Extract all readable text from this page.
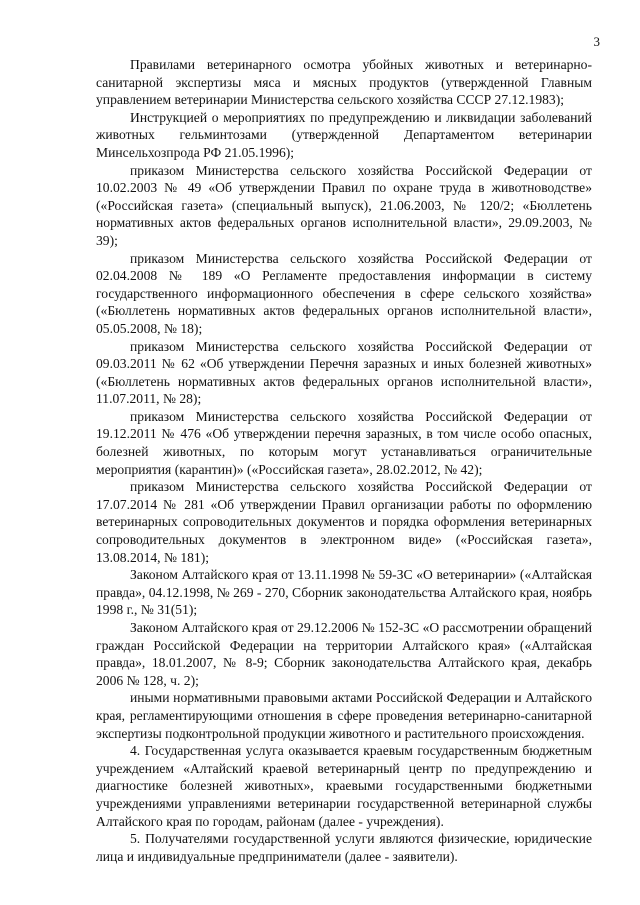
3

Правилами ветеринарного осмотра убойных животных и ветеринарно-санитарной экспертизы мяса и мясных продуктов (утвержденной Главным управлением ветеринарии Министерства сельского хозяйства СССР 27.12.1983);

Инструкцией о мероприятиях по предупреждению и ликвидации заболеваний животных гельминтозами (утвержденной Департаментом ветеринарии Минсельхозпрода РФ 21.05.1996);

приказом Министерства сельского хозяйства Российской Федерации от 10.02.2003 № 49 «Об утверждении Правил по охране труда в животноводстве» («Российская газета» (специальный выпуск), 21.06.2003, № 120/2; «Бюллетень нормативных актов федеральных органов исполнительной власти», 29.09.2003, № 39);

приказом Министерства сельского хозяйства Российской Федерации от 02.04.2008 № 189 «О Регламенте предоставления информации в систему государственного информационного обеспечения в сфере сельского хозяйства» («Бюллетень нормативных актов федеральных органов исполнительной власти», 05.05.2008, № 18);

приказом Министерства сельского хозяйства Российской Федерации от 09.03.2011 № 62 «Об утверждении Перечня заразных и иных болезней животных» («Бюллетень нормативных актов федеральных органов исполнительной власти», 11.07.2011, № 28);

приказом Министерства сельского хозяйства Российской Федерации от 19.12.2011 № 476 «Об утверждении перечня заразных, в том числе особо опасных, болезней животных, по которым могут устанавливаться ограничительные мероприятия (карантин)» («Российская газета», 28.02.2012, № 42);

приказом Министерства сельского хозяйства Российской Федерации от 17.07.2014 № 281 «Об утверждении Правил организации работы по оформлению ветеринарных сопроводительных документов и порядка оформления ветеринарных сопроводительных документов в электронном виде» («Российская газета», 13.08.2014, № 181);

Законом Алтайского края от 13.11.1998 № 59-ЗС «О ветеринарии» («Алтайская правда», 04.12.1998, № 269 - 270, Сборник законодательства Алтайского края, ноябрь 1998 г., № 31(51);

Законом Алтайского края от 29.12.2006 № 152-ЗС «О рассмотрении обращений граждан Российской Федерации на территории Алтайского края» («Алтайская правда», 18.01.2007, № 8-9; Сборник законодательства Алтайского края, декабрь 2006 № 128, ч. 2);

иными нормативными правовыми актами Российской Федерации и Алтайского края, регламентирующими отношения в сфере проведения ветеринарно-санитарной экспертизы подконтрольной продукции животного и растительного происхождения.

4. Государственная услуга оказывается краевым государственным бюджетным учреждением «Алтайский краевой ветеринарный центр по предупреждению и диагностике болезней животных», краевыми государственными бюджетными учреждениями управлениями ветеринарии государственной ветеринарной службы Алтайского края по городам, районам (далее - учреждения).

5. Получателями государственной услуги являются физические, юридические лица и индивидуальные предприниматели (далее - заявители).
